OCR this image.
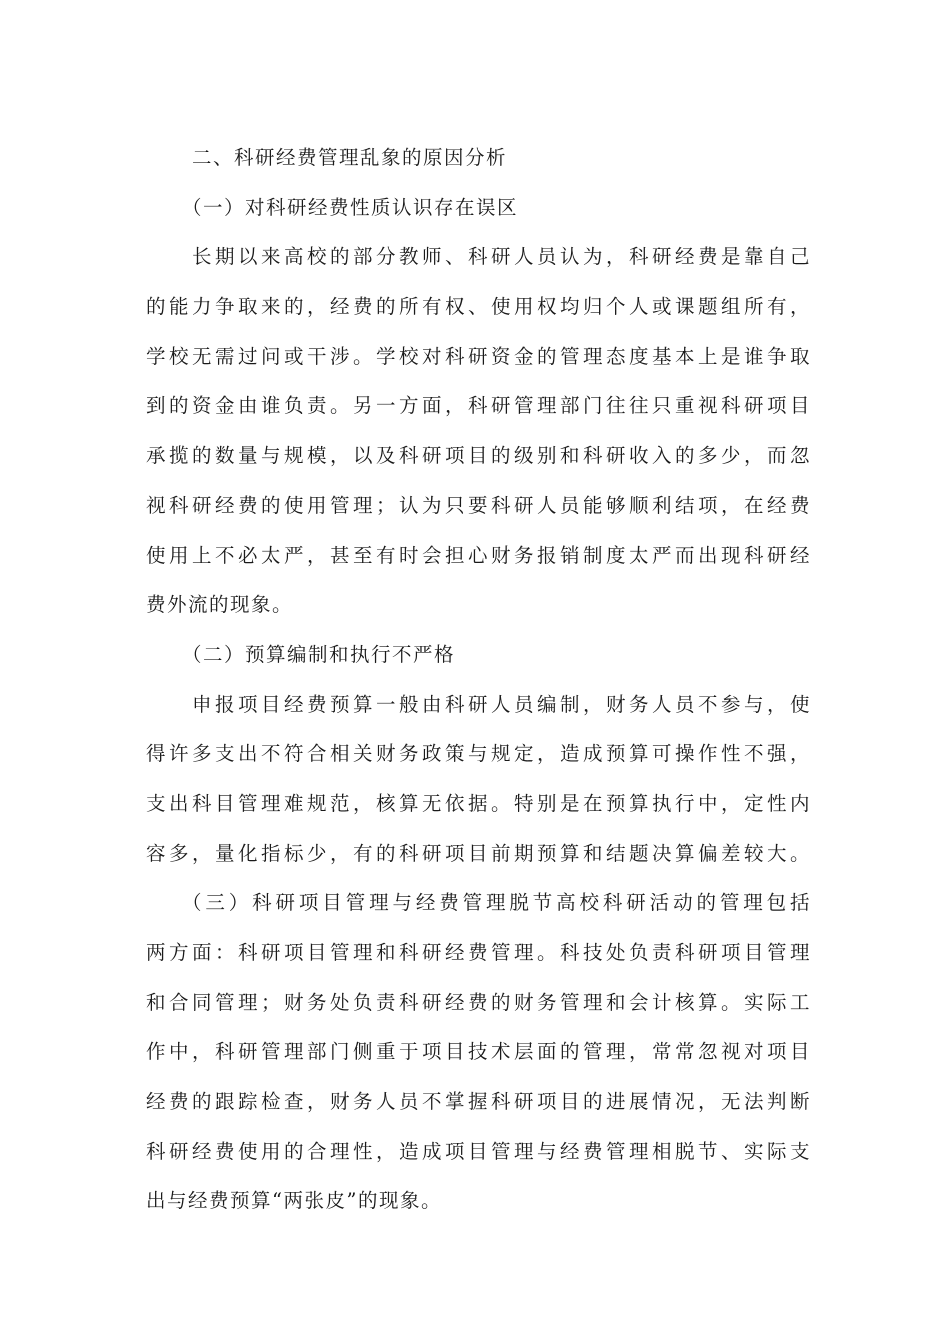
二、科研经费管理乱象的原因分析
（一）对科研经费性质认识存在误区
长期以来高校的部分教师、科研人员认为，科研经费是靠自己
的能力争取来的，经费的所有权、使用权均归个人或课题组所有，
学校无需过问或干涉。学校对科研资金的管理态度基本上是谁争取
到的资金由谁负责。另一方面，科研管理部门往往只重视科研项目
承揽的数量与规模，以及科研项目的级别和科研收入的多少，而忽
视科研经费的使用管理；认为只要科研人员能够顺利结项，在经费
使用上不必太严，甚至有时会担心财务报销制度太严而出现科研经
费外流的现象。
（二）预算编制和执行不严格
申报项目经费预算一般由科研人员编制，财务人员不参与，使
得许多支出不符合相关财务政策与规定，造成预算可操作性不强，
支出科目管理难规范，核算无依据。特别是在预算执行中，定性内
容多，量化指标少，有的科研项目前期预算和结题决算偏差较大。
（三）科研项目管理与经费管理脱节高校科研活动的管理包括
两方面：科研项目管理和科研经费管理。科技处负责科研项目管理
和合同管理；财务处负责科研经费的财务管理和会计核算。实际工
作中，科研管理部门侧重于项目技术层面的管理，常常忽视对项目
经费的跟踪检查，财务人员不掌握科研项目的进展情况，无法判断
科研经费使用的合理性，造成项目管理与经费管理相脱节、实际支
出与经费预算“两张皮”的现象。
